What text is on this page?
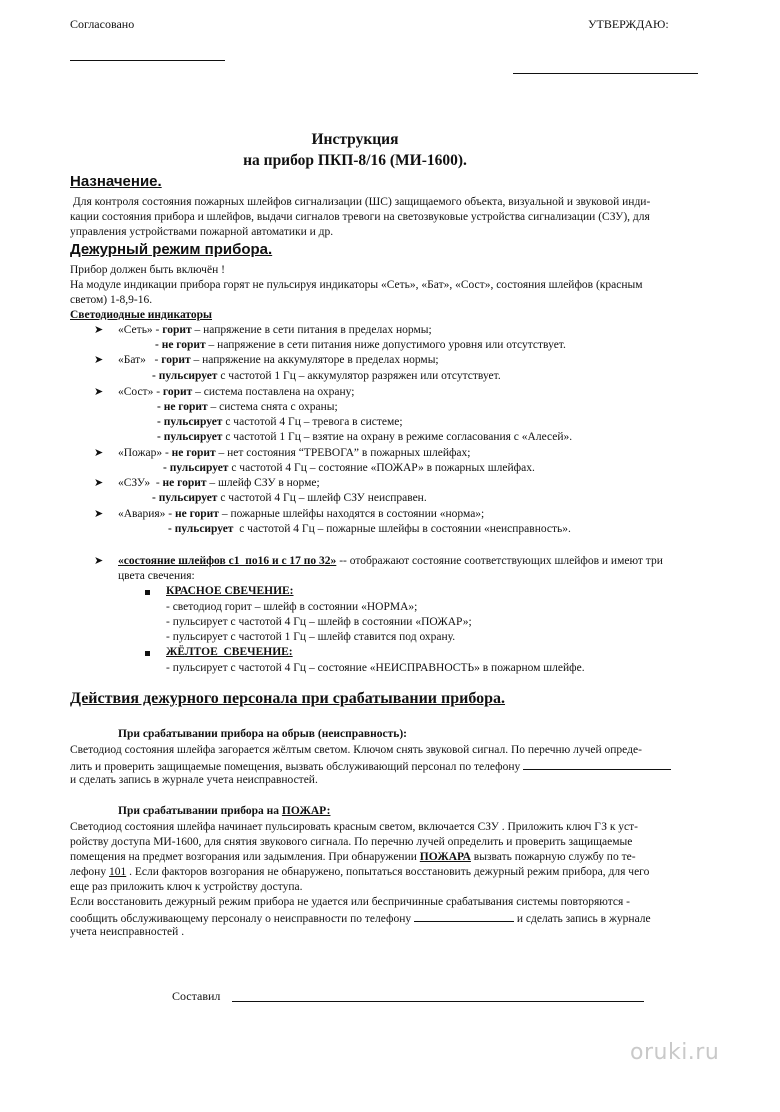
Согласовано	УТВЕРЖДАЮ:
Инструкция
на прибор ПКП-8/16 (МИ-1600).
Назначение.
Для контроля состояния пожарных шлейфов сигнализации (ШС) защищаемого объекта, визуальной и звуковой инди-
кации состояния прибора и шлейфов, выдачи сигналов тревоги на светозвуковые устройства сигнализации (СЗУ), для
управления устройствами пожарной автоматики и др.
Дежурный режим прибора.
Прибор должен быть включён !
На модуле индикации прибора горят не пульсируя индикаторы «Сеть», «Бат», «Сост», состояния шлейфов (красным
светом) 1-8,9-16.
Светодиодные индикаторы
➤ «Сеть» - горит – напряжение в сети питания в пределах нормы;
- не горит – напряжение в сети питания ниже допустимого уровня или отсутствует.
➤ «Бат»   - горит – напряжение на аккумуляторе в пределах нормы;
- пульсирует с частотой 1 Гц – аккумулятор разряжен или отсутствует.
➤ «Сост» - горит – система поставлена на охрану;
- не горит – система снята с охраны;
- пульсирует с частотой 4 Гц – тревога в системе;
- пульсирует с частотой 1 Гц – взятие на охрану в режиме согласования с «Алесей».
➤ «Пожар» - не горит – нет состояния “ТРЕВОГА” в пожарных шлейфах;
- пульсирует с частотой 4 Гц – состояние «ПОЖАР» в пожарных шлейфах.
➤ «СЗУ»  - не горит – шлейф СЗУ в норме;
- пульсирует с частотой 4 Гц – шлейф СЗУ неисправен.
➤ «Авария» - не горит – пожарные шлейфы находятся в состоянии «норма»;
- пульсирует  с частотой 4 Гц – пожарные шлейфы в состоянии «неисправность».
➤ «состояние шлейфов с1  по16 и с 17 по 32» -- отображают состояние соответствующих шлейфов и имеют три
цвета свечения:
КРАСНОЕ СВЕЧЕНИЕ:
- светодиод горит – шлейф в состоянии «НОРМА»;
- пульсирует с частотой 4 Гц – шлейф в состоянии «ПОЖАР»;
- пульсирует с частотой 1 Гц – шлейф ставится под охрану.
ЖЁЛТОЕ  СВЕЧЕНИЕ:
- пульсирует с частотой 4 Гц – состояние «НЕИСПРАВНОСТЬ» в пожарном шлейфе.
Действия дежурного персонала при срабатывании прибора.
При срабатывании прибора на обрыв (неисправность):
Светодиод состояния шлейфа загорается жёлтым светом. Ключом снять звуковой сигнал. По перечню лучей опреде-
лить и проверить защищаемые помещения, вызвать обслуживающий персонал по телефону
и сделать запись в журнале учета неисправностей.
При срабатывании прибора на ПОЖАР:
Светодиод состояния шлейфа начинает пульсировать красным светом, включается СЗУ . Приложить ключ ГЗ к уст-
ройству доступа МИ-1600, для снятия звукового сигнала. По перечню лучей определить и проверить защищаемые
помещения на предмет возгорания или задымления. При обнаружении ПОЖАРА вызвать пожарную службу по те-
лефону 101 . Если факторов возгорания не обнаружено, попытаться восстановить дежурный режим прибора, для чего
еще раз приложить ключ к устройству доступа.
Если восстановить дежурный режим прибора не удается или беспричинные срабатывания системы повторяются -
сообщить обслуживающему персоналу о неисправности по телефону	и сделать запись в журнале
учета неисправностей .
Составил
oruki.ru
